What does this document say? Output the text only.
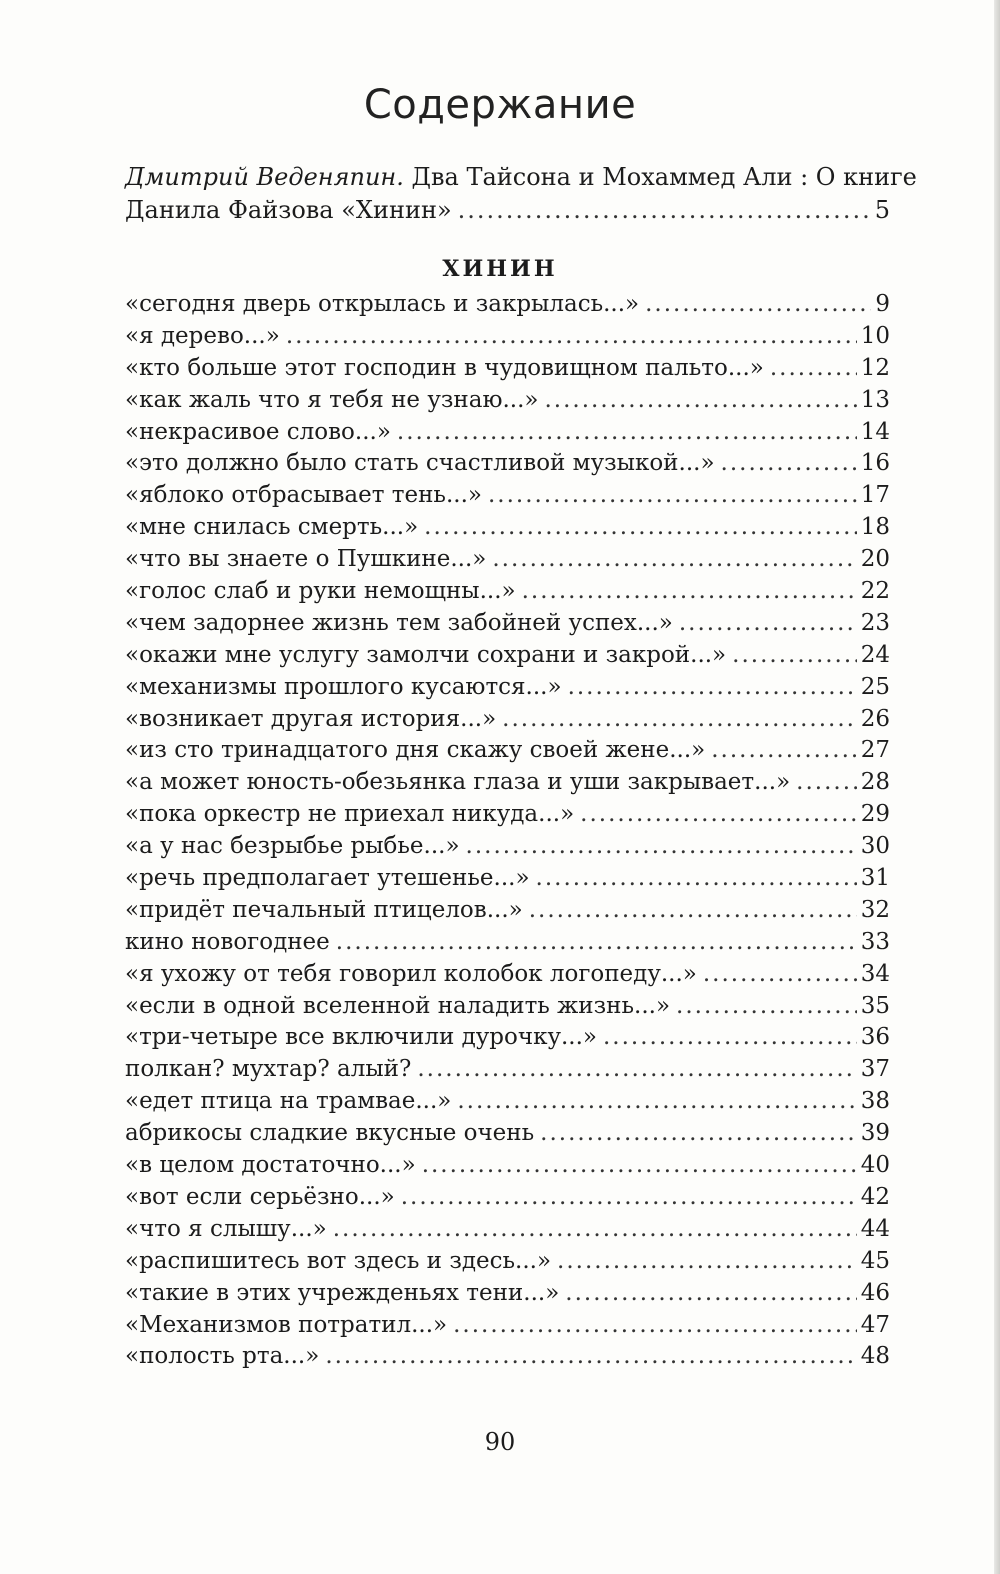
Содержание
Дмитрий Веденяпин. Два Тайсона и Мохаммед Али : О книге
Данила Файзова «Хинин» .....	5
ХИНИН
«сегодня дверь открылась и закрылась...» .....	9
«я дерево...» .....	10
«кто больше этот господин в чудовищном пальто...» .....	12
«как жаль что я тебя не узнаю...» .....	13
«некрасивое слово...» .....	14
«это должно было стать счастливой музыкой...» .....	16
«яблоко отбрасывает тень...» .....	17
«мне снилась смерть...» .....	18
«что вы знаете о Пушкине...» .....	20
«голос слаб и руки немощны...» .....	22
«чем задорнее жизнь тем забойней успех...» .....	23
«окажи мне услугу замолчи сохрани и закрой...» .....	24
«механизмы прошлого кусаются...» .....	25
«возникает другая история...» .....	26
«из сто тринадцатого дня скажу своей жене...» .....	27
«а может юность-обезьянка глаза и уши закрывает...» .....	28
«пока оркестр не приехал никуда...» .....	29
«а у нас безрыбье рыбье...» .....	30
«речь предполагает утешенье...» .....	31
«придёт печальный птицелов...» .....	32
кино новогоднее .....	33
«я ухожу от тебя говорил колобок логопеду...» .....	34
«если в одной вселенной наладить жизнь...» .....	35
«три-четыре все включили дурочку...» .....	36
полкан? мухтар? алый? .....	37
«едет птица на трамвае...» .....	38
абрикосы сладкие вкусные очень .....	39
«в целом достаточно...» .....	40
«вот если серьёзно...» .....	42
«что я слышу...» .....	44
«распишитесь вот здесь и здесь...» .....	45
«такие в этих учрежденьях тени...» .....	46
«Механизмов потратил...» .....	47
«полость рта...» .....	48
90
